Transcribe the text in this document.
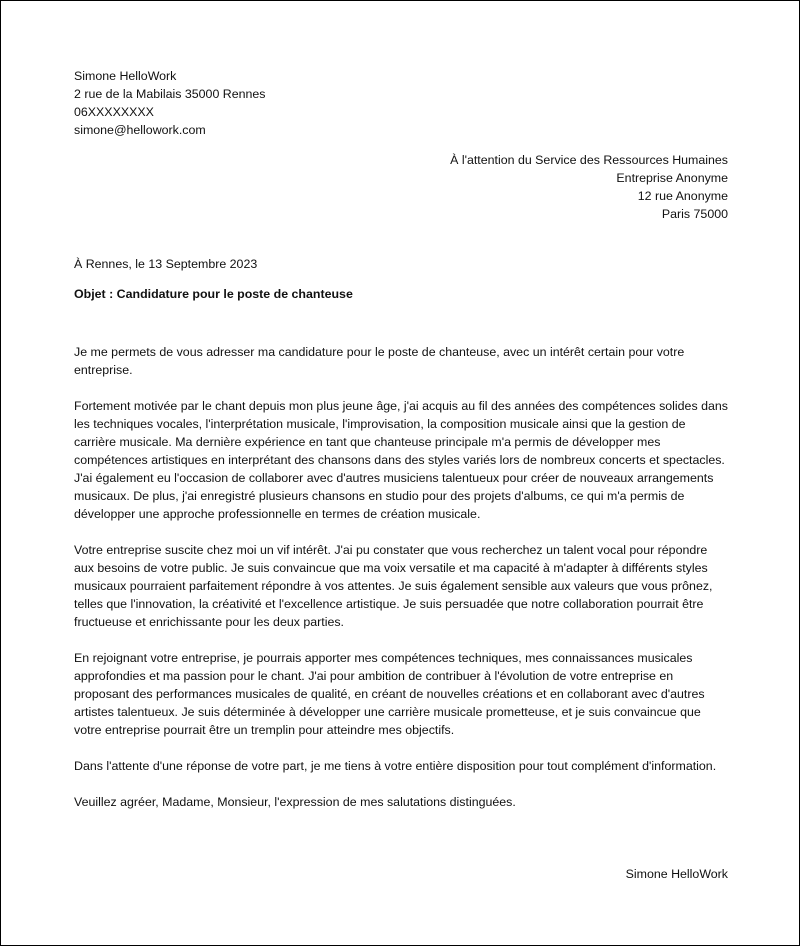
Simone HelloWork
2 rue de la Mabilais 35000 Rennes
06XXXXXXXX
simone@hellowork.com
À l'attention du Service des Ressources Humaines
Entreprise Anonyme
12 rue Anonyme
Paris 75000
À Rennes, le 13 Septembre 2023
Objet : Candidature pour le poste de chanteuse

Je me permets de vous adresser ma candidature pour le poste de chanteuse, avec un intérêt certain pour votre entreprise.

Fortement motivée par le chant depuis mon plus jeune âge, j'ai acquis au fil des années des compétences solides dans les techniques vocales, l'interprétation musicale, l'improvisation, la composition musicale ainsi que la gestion de carrière musicale. Ma dernière expérience en tant que chanteuse principale m'a permis de développer mes compétences artistiques en interprétant des chansons dans des styles variés lors de nombreux concerts et spectacles. J'ai également eu l'occasion de collaborer avec d'autres musiciens talentueux pour créer de nouveaux arrangements musicaux. De plus, j'ai enregistré plusieurs chansons en studio pour des projets d'albums, ce qui m'a permis de développer une approche professionnelle en termes de création musicale.

Votre entreprise suscite chez moi un vif intérêt. J'ai pu constater que vous recherchez un talent vocal pour répondre aux besoins de votre public. Je suis convaincue que ma voix versatile et ma capacité à m'adapter à différents styles musicaux pourraient parfaitement répondre à vos attentes. Je suis également sensible aux valeurs que vous prônez, telles que l'innovation, la créativité et l'excellence artistique. Je suis persuadée que notre collaboration pourrait être fructueuse et enrichissante pour les deux parties.

En rejoignant votre entreprise, je pourrais apporter mes compétences techniques, mes connaissances musicales approfondies et ma passion pour le chant. J'ai pour ambition de contribuer à l'évolution de votre entreprise en proposant des performances musicales de qualité, en créant de nouvelles créations et en collaborant avec d'autres artistes talentueux. Je suis déterminée à développer une carrière musicale prometteuse, et je suis convaincue que votre entreprise pourrait être un tremplin pour atteindre mes objectifs.

Dans l'attente d'une réponse de votre part, je me tiens à votre entière disposition pour tout complément d'information.

Veuillez agréer, Madame, Monsieur, l'expression de mes salutations distinguées.

Simone HelloWork
